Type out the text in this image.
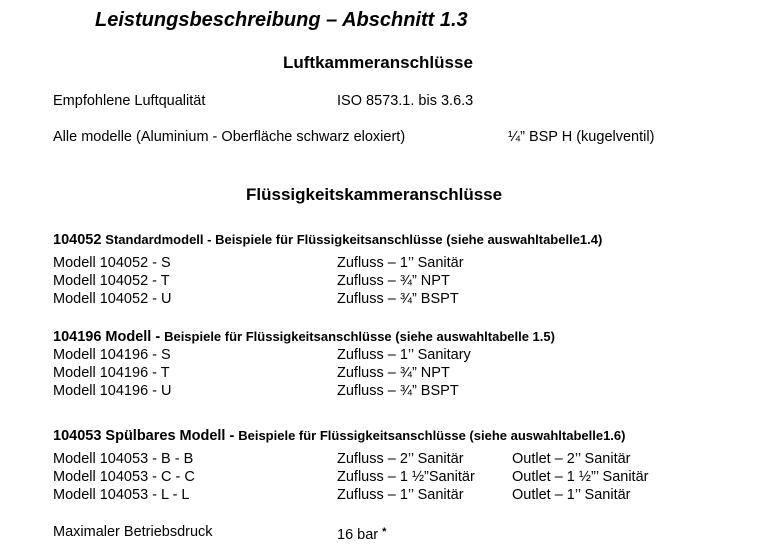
Leistungsbeschreibung – Abschnitt 1.3
Luftkammeranschlüsse
Empfohlene Luftqualität	ISO 8573.1. bis 3.6.3
Alle modelle (Aluminium - Oberfläche schwarz eloxiert)	¼” BSP H (kugelventil)
Flüssigkeitskammeranschlüsse
104052 Standardmodell - Beispiele für Flüssigkeitsanschlüsse (siehe auswahltabelle1.4)
Modell 104052 - S	Zufluss – 1’’ Sanitär
Modell 104052 - T	Zufluss – ¾” NPT
Modell 104052 - U	Zufluss – ¾” BSPT
104196 Modell - Beispiele für Flüssigkeitsanschlüsse (siehe auswahltabelle 1.5)
Modell 104196 - S	Zufluss – 1’’ Sanitary
Modell 104196 - T	Zufluss – ¾” NPT
Modell 104196 - U	Zufluss – ¾” BSPT
104053 Spülbares Modell - Beispiele für Flüssigkeitsanschlüsse (siehe auswahltabelle1.6)
Modell 104053 - B - B	Zufluss – 2’’ Sanitär	Outlet – 2’’ Sanitär
Modell 104053 - C - C	Zufluss – 1 ½”Sanitär	Outlet – 1 ½”’ Sanitär
Modell 104053 - L - L	Zufluss – 1’’ Sanitär	Outlet – 1’’ Sanitär
Maximaler Betriebsdruck	16 bar *
